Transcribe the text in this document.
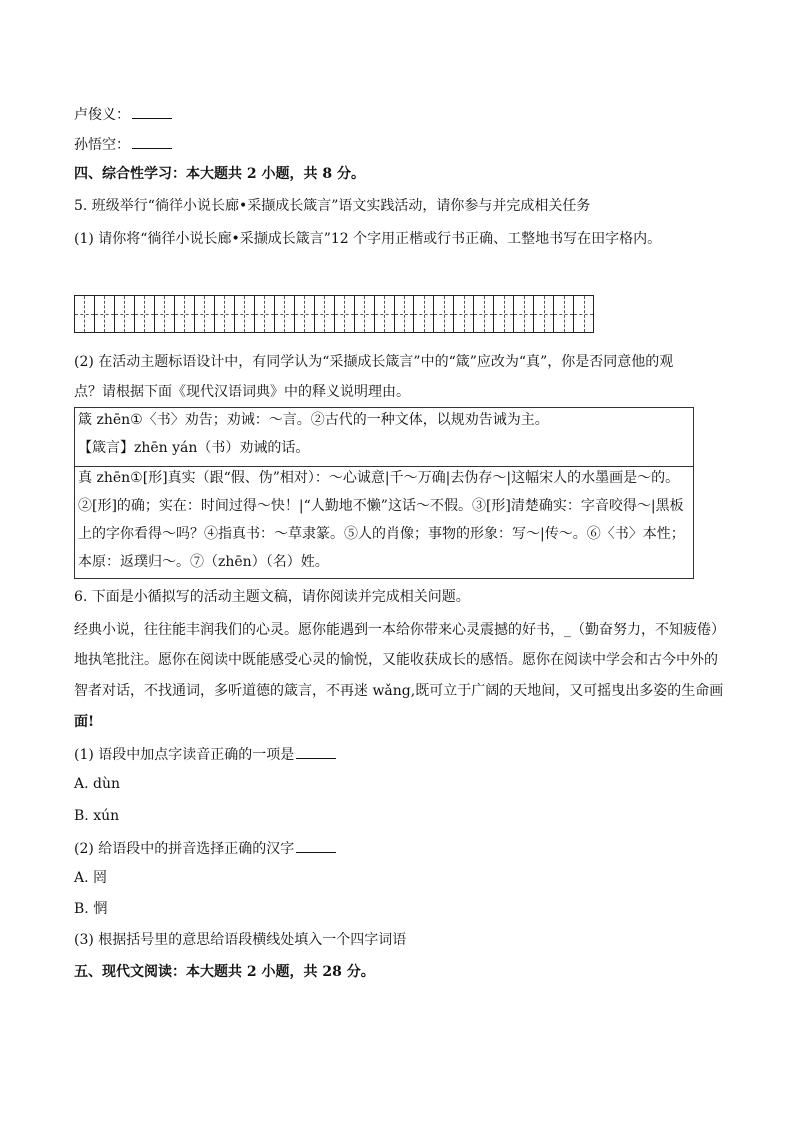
卢俊义：
孙悟空：
四、综合性学习：本大题共 2 小题，共 8 分。
5. 班级举行“徜徉小说长廊•采撷成长箴言”语文实践活动，请你参与并完成相关任务
(1) 请你将“徜徉小说长廊•采撷成长箴言”12 个字用正楷或行书正确、工整地书写在田字格内。
(2) 在活动主题标语设计中，有同学认为“采撷成长箴言”中的“箴”应改为“真”，你是否同意他的观
点？请根据下面《现代汉语词典》中的释义说明理由。
箴 zhēn①〈书〉劝告；劝诫：～言。②古代的一种文体，以规劝告诫为主。
【箴言】zhēn yán（书）劝诫的话。
真 zhēn①[形]真实（跟“假、伪”相对）：～心诚意|千～万确|去伪存～|这幅宋人的水墨画是～的。
②[形]的确；实在：时间过得～快！|“人勤地不懒”这话～不假。③[形]清楚确实：字音咬得～|黑板
上的字你看得～吗？④指真书：～草隶篆。⑤人的肖像；事物的形象：写～|传～。⑥〈书〉本性；
本原：返璞归～。⑦（zhēn）（名）姓。
6. 下面是小循拟写的活动主题文稿，请你阅读并完成相关问题。
经典小说，往往能丰润我们的心灵。愿你能遇到一本给你带来心灵震撼的好书，_（勤奋努力，不知疲倦）
地执笔批注。愿你在阅读中既能感受心灵的愉悦，又能收获成长的感悟。愿你在阅读中学会和古今中外的
智者对话，不找通词，多听道德的箴言，不再迷 wǎng,既可立于广阔的天地间，又可摇曳出多姿的生命画
面!
(1) 语段中加点字读音正确的一项是
A. dùn
B. xún
(2) 给语段中的拼音选择正确的汉字
A. 罔
B. 惘
(3) 根据括号里的意思给语段横线处填入一个四字词语
五、现代文阅读：本大题共 2 小题，共 28 分。
